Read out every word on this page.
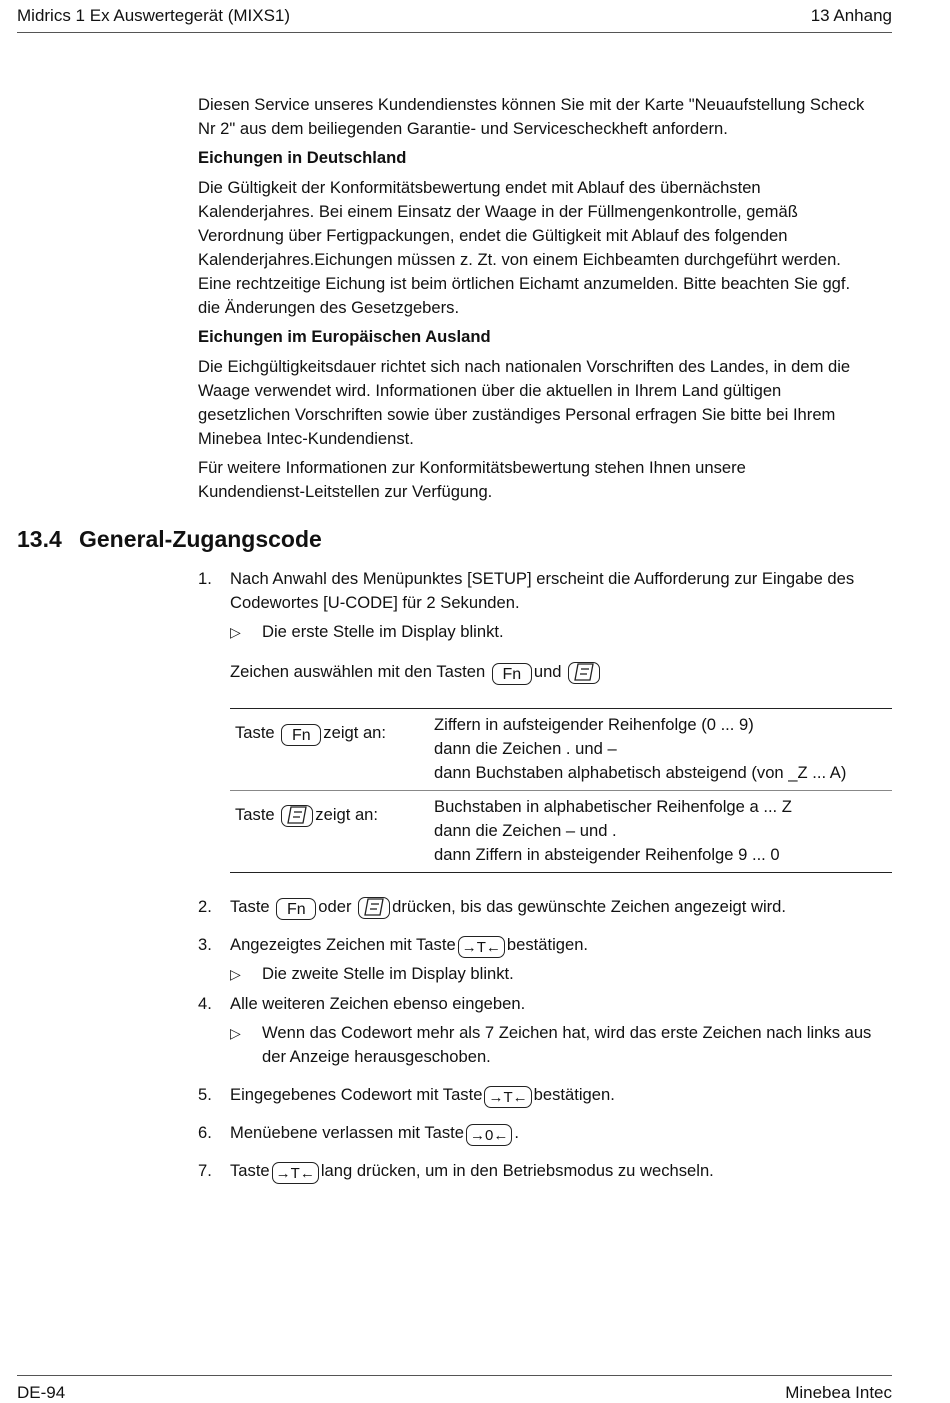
Midrics 1 Ex Auswertegerät (MIXS1)	13 Anhang
Diesen Service unseres Kundendienstes können Sie mit der Karte "Neuaufstellung Scheck
Nr 2" aus dem beiliegenden Garantie- und Servicescheckheft anfordern.
Eichungen in Deutschland
Die Gültigkeit der Konformitätsbewertung endet mit Ablauf des übernächsten
Kalenderjahres. Bei einem Einsatz der Waage in der Füllmengenkontrolle, gemäß
Verordnung über Fertigpackungen, endet die Gültigkeit mit Ablauf des folgenden
Kalenderjahres.Eichungen müssen z. Zt. von einem Eichbeamten durchgeführt werden.
Eine rechtzeitige Eichung ist beim örtlichen Eichamt anzumelden. Bitte beachten Sie ggf.
die Änderungen des Gesetzgebers.
Eichungen im Europäischen Ausland
Die Eichgültigkeitsdauer richtet sich nach nationalen Vorschriften des Landes, in dem die
Waage verwendet wird. Informationen über die aktuellen in Ihrem Land gültigen
gesetzlichen Vorschriften sowie über zuständiges Personal erfragen Sie bitte bei Ihrem
Minebea Intec-Kundendienst.
Für weitere Informationen zur Konformitätsbewertung stehen Ihnen unsere
Kundendienst-Leitstellen zur Verfügung.
13.4 General-Zugangscode
1. Nach Anwahl des Menüpunktes [SETUP] erscheint die Aufforderung zur Eingabe des
Codewortes [U-CODE] für 2 Sekunden.
▷ Die erste Stelle im Display blinkt.
Zeichen auswählen mit den Tasten Fn und
Taste Fn zeigt an:	Ziffern in aufsteigender Reihenfolge (0 ... 9)
dann die Zeichen . und –
dann Buchstaben alphabetisch absteigend (von _Z ... A)
Taste zeigt an:	Buchstaben in alphabetischer Reihenfolge a ... Z
dann die Zeichen – und .
dann Ziffern in absteigender Reihenfolge 9 ... 0
2. Taste Fn oder drücken, bis das gewünschte Zeichen angezeigt wird.
3. Angezeigtes Zeichen mit Taste →T← bestätigen.
▷ Die zweite Stelle im Display blinkt.
4. Alle weiteren Zeichen ebenso eingeben.
▷ Wenn das Codewort mehr als 7 Zeichen hat, wird das erste Zeichen nach links aus
der Anzeige herausgeschoben.
5. Eingegebenes Codewort mit Taste →T← bestätigen.
6. Menüebene verlassen mit Taste →0← .
7. Taste →T← lang drücken, um in den Betriebsmodus zu wechseln.
DE-94	Minebea Intec
